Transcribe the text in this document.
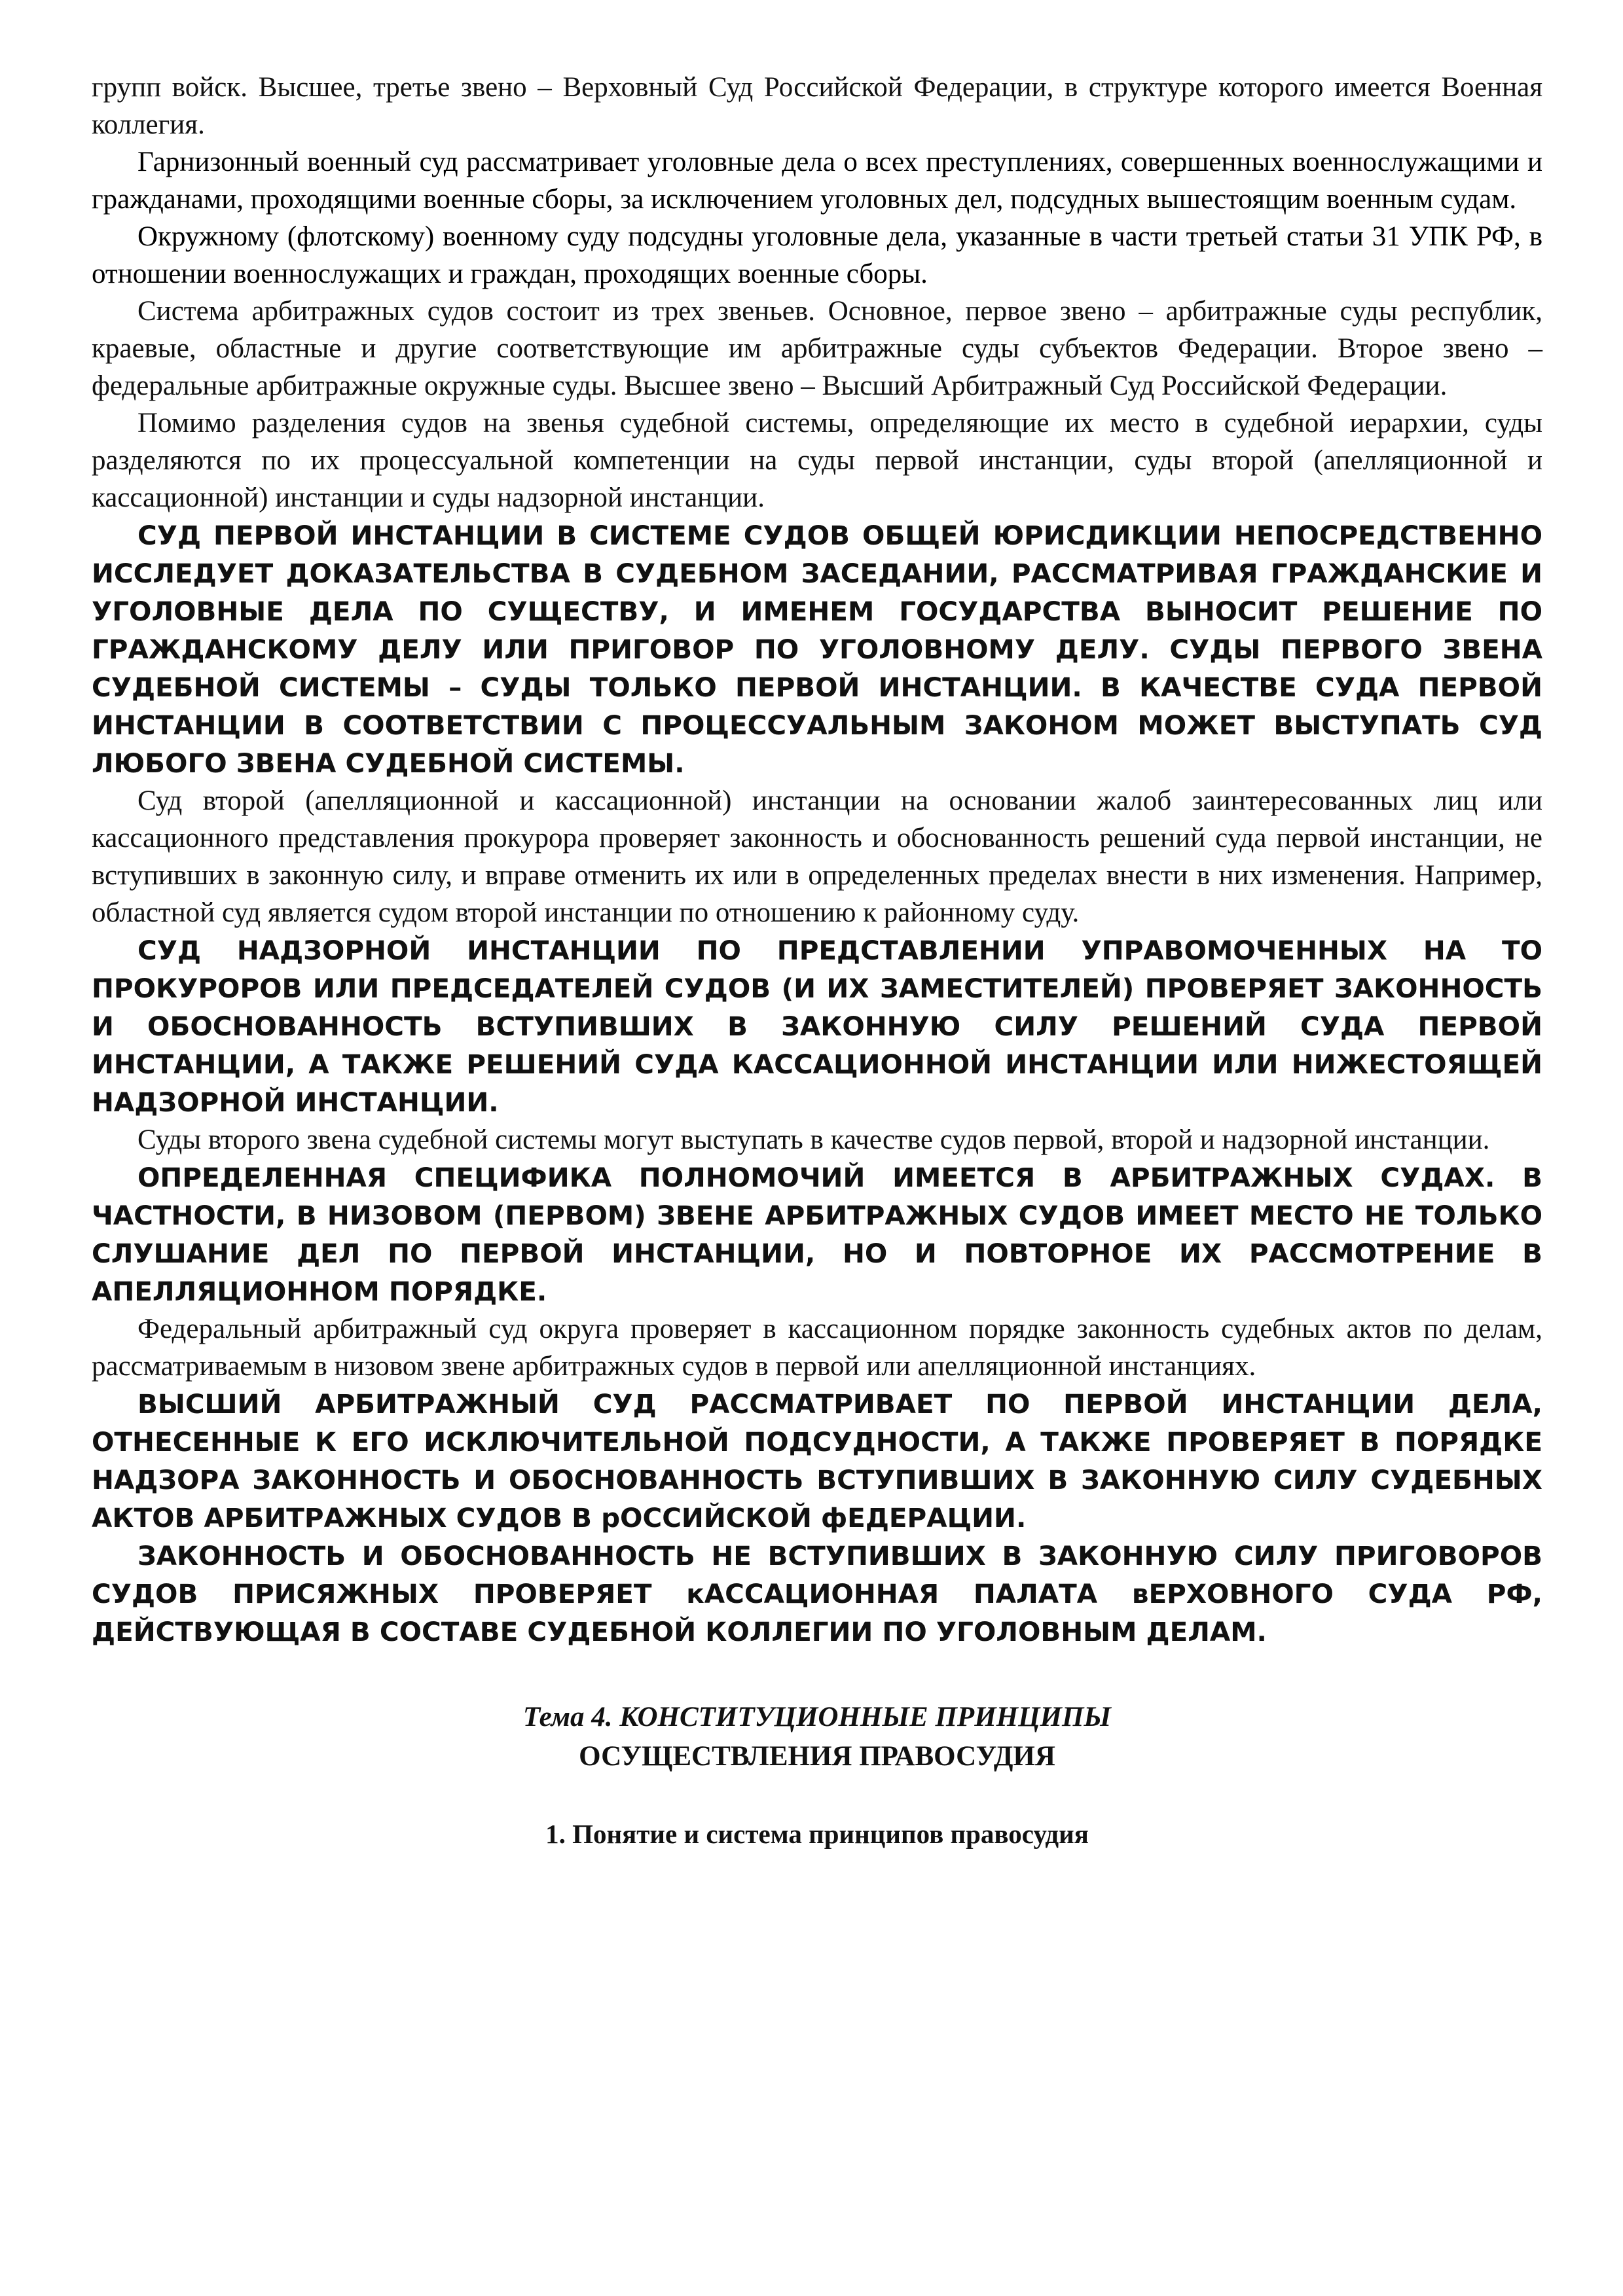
групп войск. Высшее, третье звено – Верховный Суд Российской Федерации, в структуре которого имеется Военная коллегия.

Гарнизонный военный суд рассматривает уголовные дела о всех преступлениях, совершенных военнослужащими и гражданами, проходящими военные сборы, за исключением уголовных дел, подсудных вышестоящим военным судам.

Окружному (флотскому) военному суду подсудны уголовные дела, указанные в части третьей статьи 31 УПК РФ, в отношении военнослужащих и граждан, проходящих военные сборы.

Система арбитражных судов состоит из трех звеньев. Основное, первое звено – арбитражные суды республик, краевые, областные и другие соответствующие им арбитражные суды субъектов Федерации. Второе звено – федеральные арбитражные окружные суды. Высшее звено – Высший Арбитражный Суд Российской Федерации.

Помимо разделения судов на звенья судебной системы, определяющие их место в судебной иерархии, суды разделяются по их процессуальной компетенции на суды первой инстанции, суды второй (апелляционной и кассационной) инстанции и суды надзорной инстанции.

СУД ПЕРВОЙ ИНСТАНЦИИ В СИСТЕМЕ СУДОВ ОБЩЕЙ ЮРИСДИКЦИИ НЕПОСРЕДСТВЕННО ИССЛЕДУЕТ ДОКАЗАТЕЛЬСТВА В СУДЕБНОМ ЗАСЕДАНИИ, РАССМАТРИВАЯ ГРАЖДАНСКИЕ И УГОЛОВНЫЕ ДЕЛА ПО СУЩЕСТВУ, И ИМЕНЕМ ГОСУДАРСТВА ВЫНОСИТ РЕШЕНИЕ ПО ГРАЖДАНСКОМУ ДЕЛУ ИЛИ ПРИГОВОР ПО УГОЛОВНОМУ ДЕЛУ. СУДЫ ПЕРВОГО ЗВЕНА СУДЕБНОЙ СИСТЕМЫ – СУДЫ ТОЛЬКО ПЕРВОЙ ИНСТАНЦИИ. В КАЧЕСТВЕ СУДА ПЕРВОЙ ИНСТАНЦИИ В СООТВЕТСТВИИ С ПРОЦЕССУАЛЬНЫМ ЗАКОНОМ МОЖЕТ ВЫСТУПАТЬ СУД ЛЮБОГО ЗВЕНА СУДЕБНОЙ СИСТЕМЫ.

Суд второй (апелляционной и кассационной) инстанции на основании жалоб заинтересованных лиц или кассационного представления прокурора проверяет законность и обоснованность решений суда первой инстанции, не вступивших в законную силу, и вправе отменить их или в определенных пределах внести в них изменения. Например, областной суд является судом второй инстанции по отношению к районному суду.

СУД НАДЗОРНОЙ ИНСТАНЦИИ ПО ПРЕДСТАВЛЕНИИ УПРАВОМОЧЕННЫХ НА ТО ПРОКУРОРОВ ИЛИ ПРЕДСЕДАТЕЛЕЙ СУДОВ (И ИХ ЗАМЕСТИТЕЛЕЙ) ПРОВЕРЯЕТ ЗАКОННОСТЬ И ОБОСНОВАННОСТЬ ВСТУПИВШИХ В ЗАКОННУЮ СИЛУ РЕШЕНИЙ СУДА ПЕРВОЙ ИНСТАНЦИИ, А ТАКЖЕ РЕШЕНИЙ СУДА КАССАЦИОННОЙ ИНСТАНЦИИ ИЛИ НИЖЕСТОЯЩЕЙ НАДЗОРНОЙ ИНСТАНЦИИ.

Суды второго звена судебной системы могут выступать в качестве судов первой, второй и надзорной инстанции.

ОПРЕДЕЛЕННАЯ СПЕЦИФИКА ПОЛНОМОЧИЙ ИМЕЕТСЯ В АРБИТРАЖНЫХ СУДАХ. В ЧАСТНОСТИ, В НИЗОВОМ (ПЕРВОМ) ЗВЕНЕ АРБИТРАЖНЫХ СУДОВ ИМЕЕТ МЕСТО НЕ ТОЛЬКО СЛУШАНИЕ ДЕЛ ПО ПЕРВОЙ ИНСТАНЦИИ, НО И ПОВТОРНОЕ ИХ РАССМОТРЕНИЕ В АПЕЛЛЯЦИОННОМ ПОРЯДКЕ.

Федеральный арбитражный суд округа проверяет в кассационном порядке законность судебных актов по делам, рассматриваемым в низовом звене арбитражных судов в первой или апелляционной инстанциях.

ВЫСШИЙ АРБИТРАЖНЫЙ СУД РАССМАТРИВАЕТ ПО ПЕРВОЙ ИНСТАНЦИИ ДЕЛА, ОТНЕСЕННЫЕ К ЕГО ИСКЛЮЧИТЕЛЬНОЙ ПОДСУДНОСТИ, А ТАКЖЕ ПРОВЕРЯЕТ В ПОРЯДКЕ НАДЗОРА ЗАКОННОСТЬ И ОБОСНОВАННОСТЬ ВСТУПИВШИХ В ЗАКОННУЮ СИЛУ СУДЕБНЫХ АКТОВ АРБИТРАЖНЫХ СУДОВ В рОССИЙСКОЙ фЕДЕРАЦИИ.

ЗАКОННОСТЬ И ОБОСНОВАННОСТЬ НЕ ВСТУПИВШИХ В ЗАКОННУЮ СИЛУ ПРИГОВОРОВ СУДОВ ПРИСЯЖНЫХ ПРОВЕРЯЕТ кАССАЦИОННАЯ ПАЛАТА вЕРХОВНОГО СУДА РФ, ДЕЙСТВУЮЩАЯ В СОСТАВЕ СУДЕБНОЙ КОЛЛЕГИИ ПО УГОЛОВНЫМ ДЕЛАМ.

Тема 4. КОНСТИТУЦИОННЫЕ ПРИНЦИПЫ
ОСУЩЕСТВЛЕНИЯ ПРАВОСУДИЯ
1. Понятие и система принципов правосудия
